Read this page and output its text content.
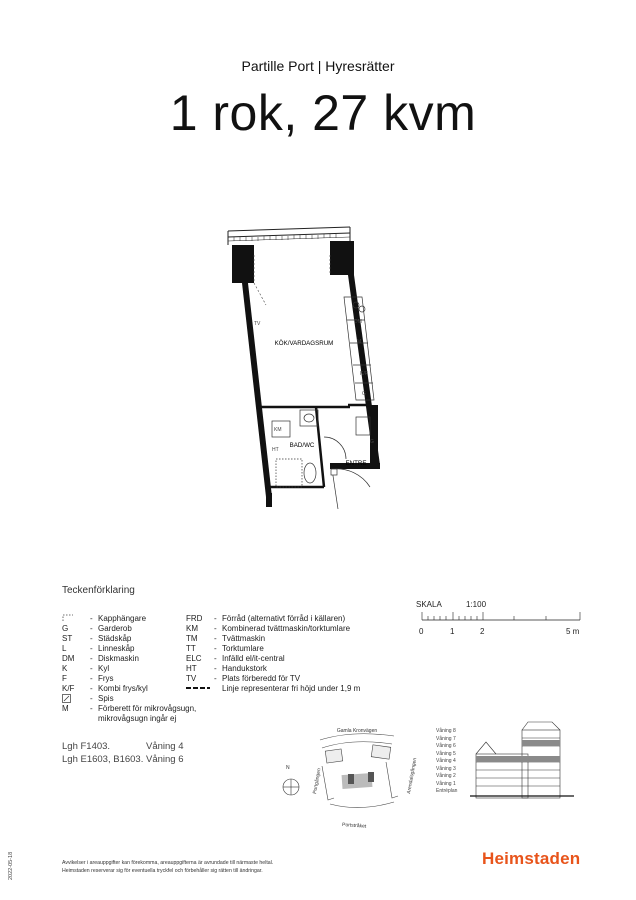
Partille Port | Hyresrätter
1 rok, 27 kvm
KÖK/VARDAGSRUM
BAD/WC
ENTRE
TV	DM
M
K/F
G
G
KM
HT
Teckenförklaring
- Kapphängare
G	- Garderob
ST	- Städskåp
L	- Linneskåp
DM	- Diskmaskin
K	- Kyl
F	- Frys
K/F	- Kombi frys/kyl
- Spis
M	- Förberett för mikrovågsugn,
mikrovågsugn ingår ej
FRD	- Förråd (alternativt förråd i källaren)
KM	- Kombinerad tvättmaskin/torktumlare
TM	- Tvättmaskin
TT	- Torktumlare
ELC	- Infälld el/it-central
HT	- Handukstork
TV	- Plats förberedd för TV
Linje representerar fri höjd under 1,9 m
Lgh F1403.	Våning 4
Lgh E1603, B1603. Våning 6
SKALA	1:100
0	1	2	5 m
Gamla Kronvägen
Portgången	Arendalsgången
Portstråket
N
Våning 8
Våning 7
Våning 6
Våning 5
Våning 4
Våning 3
Våning 2
Våning 1
Entréplan
Avvikelser i areauppgifter kan förekomma, areauppgifterna är avrundade till närmaste heltal.
Heimstaden reserverar sig för eventuella tryckfel och förbehåller sig rätten till ändringar.
Heimstaden
2022-05-18
